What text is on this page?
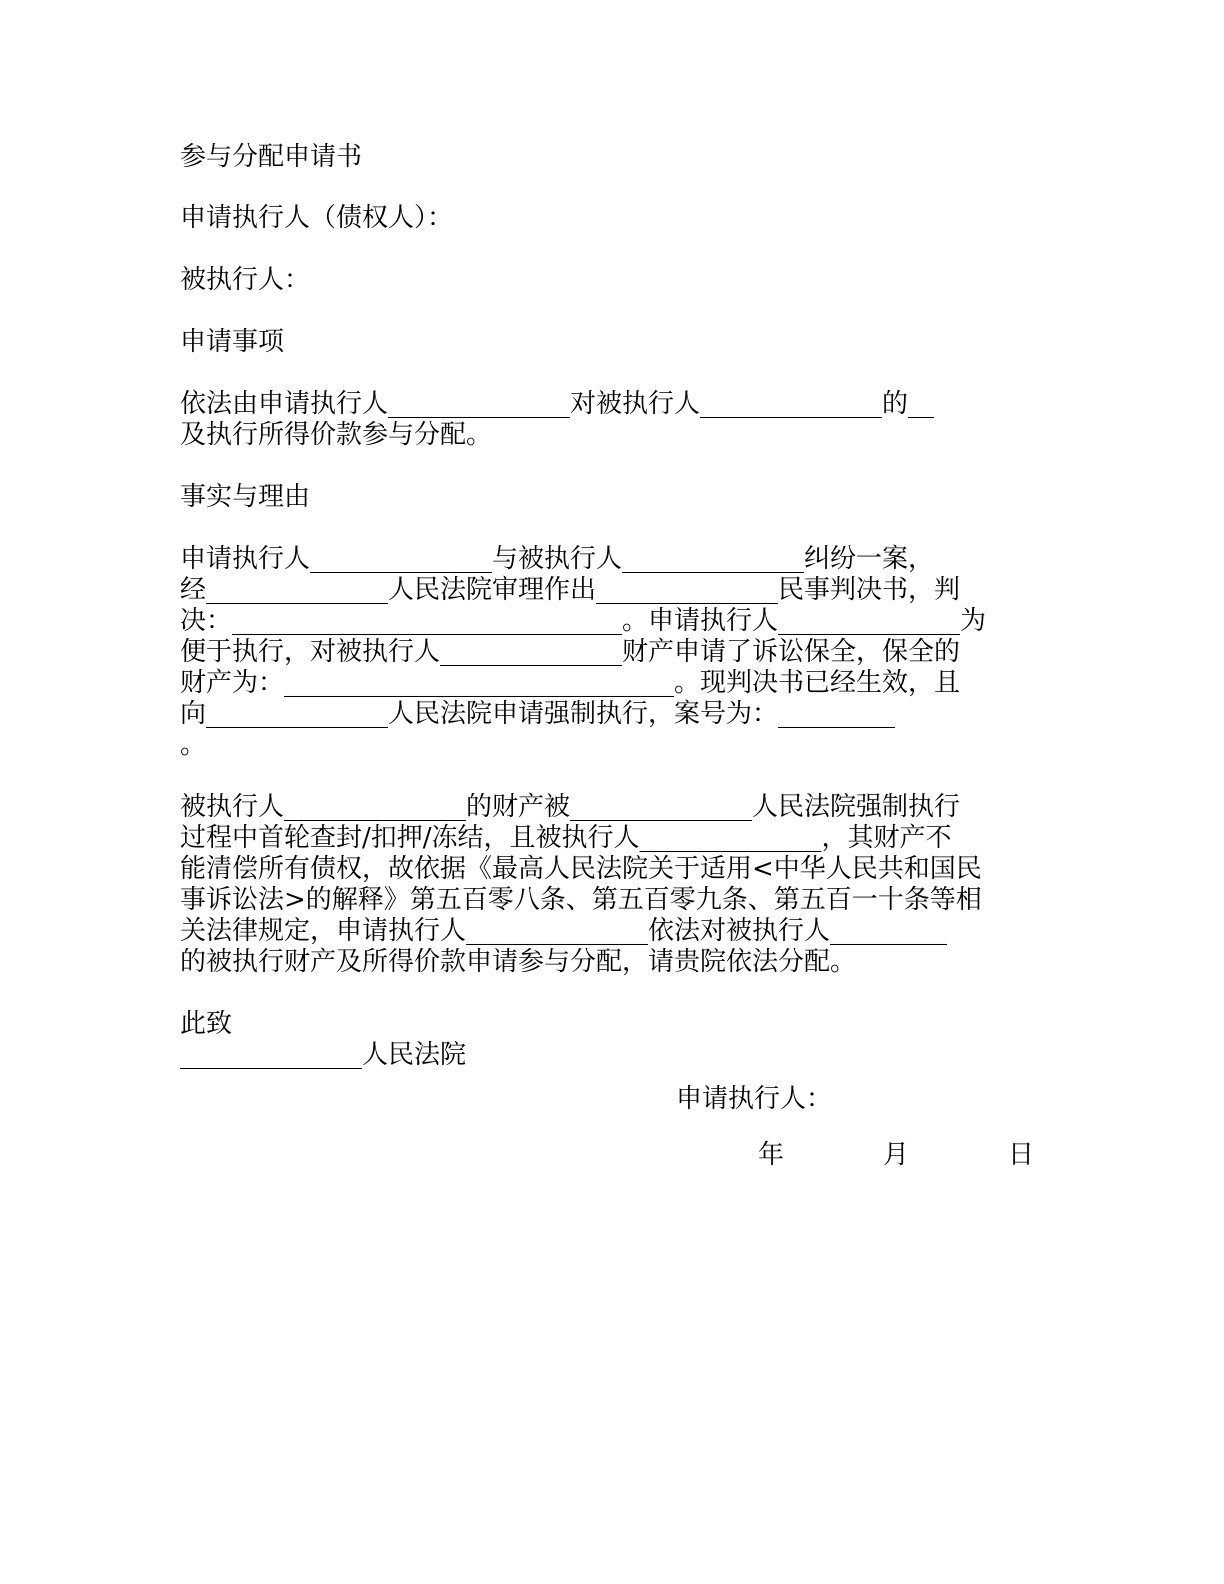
参与分配申请书
申请执行人（债权人）：
被执行人：
申请事项
依法由申请执行人______________对被执行人______________的__
及执行所得价款参与分配。
事实与理由
申请执行人______________与被执行人______________纠纷一案，
经______________人民法院审理作出______________民事判决书，判
决：______________________________。申请执行人______________为
便于执行，对被执行人______________财产申请了诉讼保全，保全的
财产为：______________________________。现判决书已经生效，且
向______________人民法院申请强制执行，案号为：_________
。
被执行人______________的财产被______________人民法院强制执行
过程中首轮查封/扣押/冻结，且被执行人______________，其财产不
能清偿所有债权，故依据《最高人民法院关于适用<中华人民共和国民
事诉讼法>的解释》第五百零八条、第五百零九条、第五百一十条等相
关法律规定，申请执行人______________依法对被执行人_________
的被执行财产及所得价款申请参与分配，请贵院依法分配。
此致
______________人民法院
申请执行人：
年	月	日
